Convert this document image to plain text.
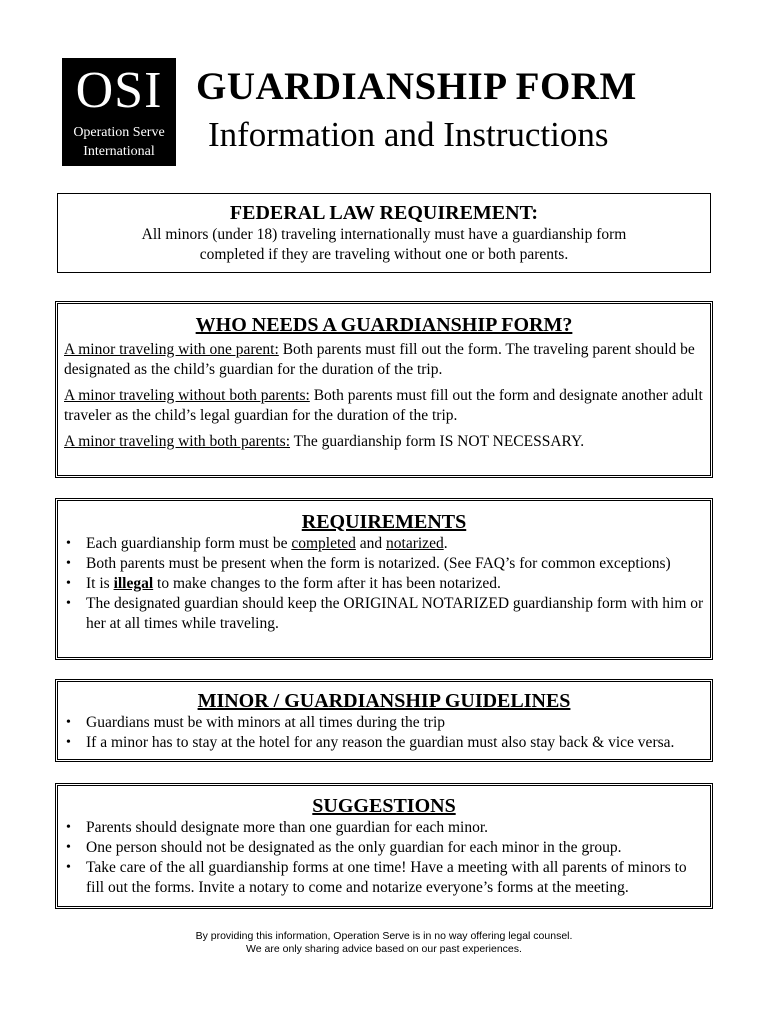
OSI
Operation Serve
International
GUARDIANSHIP FORM
Information and Instructions
FEDERAL LAW REQUIREMENT:

All minors (under 18) traveling internationally must have a guardianship form

completed if they are traveling without one or both parents.

WHO NEEDS A GUARDIANSHIP FORM?

A minor traveling with one parent: Both parents must fill out the form. The traveling parent should be designated as the child’s guardian for the duration of the trip.

A minor traveling without both parents: Both parents must fill out the form and designate another adult traveler as the child’s legal guardian for the duration of the trip.

A minor traveling with both parents: The guardianship form IS NOT NECESSARY.

REQUIREMENTS
• Each guardianship form must be completed and notarized.
• Both parents must be present when the form is notarized. (See FAQ’s for common exceptions)
• It is illegal to make changes to the form after it has been notarized.
• The designated guardian should keep the ORIGINAL NOTARIZED guardianship form with him or her at all times while traveling.
MINOR / GUARDIANSHIP GUIDELINES
• Guardians must be with minors at all times during the trip
• If a minor has to stay at the hotel for any reason the guardian must also stay back & vice versa.
SUGGESTIONS
• Parents should designate more than one guardian for each minor.
• One person should not be designated as the only guardian for each minor in the group.
• Take care of the all guardianship forms at one time! Have a meeting with all parents of minors to fill out the forms. Invite a notary to come and notarize everyone’s forms at the meeting.
By providing this information, Operation Serve is in no way offering legal counsel.
We are only sharing advice based on our past experiences.
